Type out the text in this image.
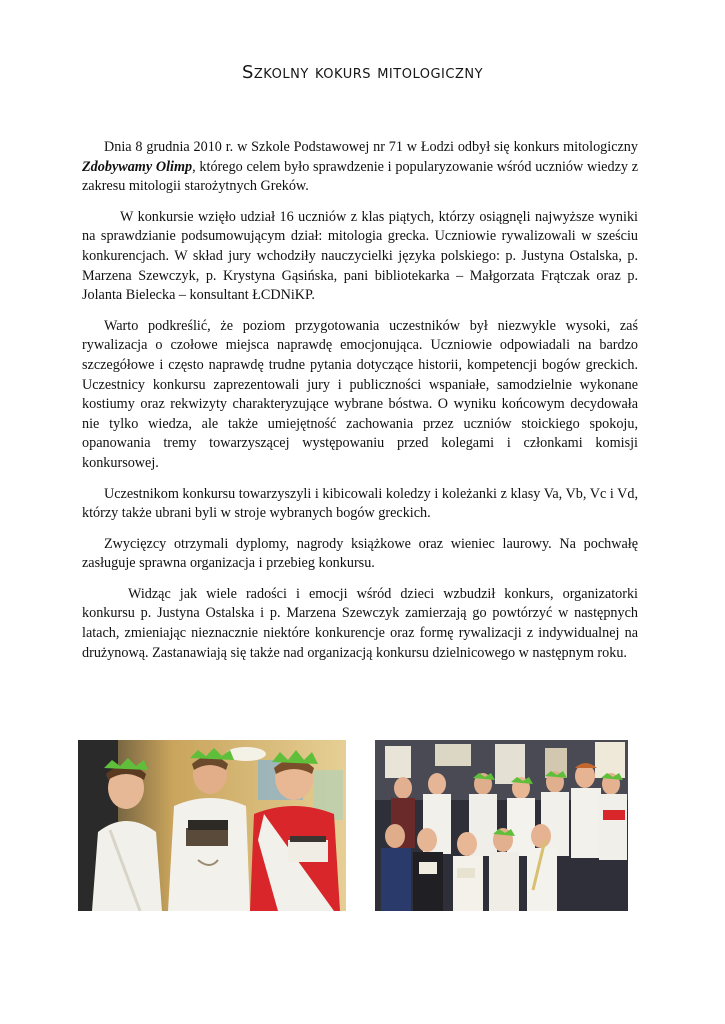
Szkolny kokurs mitologiczny

Dnia 8 grudnia 2010 r. w Szkole Podstawowej nr 71 w Łodzi odbył się konkurs mitologiczny Zdobywamy Olimp, którego celem było sprawdzenie i popularyzowanie wśród uczniów wiedzy z zakresu mitologii starożytnych Greków.

W konkursie wzięło udział 16 uczniów z klas piątych, którzy osiągnęli najwyższe wyniki na sprawdzianie podsumowującym dział: mitologia grecka. Uczniowie rywalizowali w sześciu konkurencjach. W skład jury wchodziły nauczycielki języka polskiego: p. Justyna Ostalska, p. Marzena Szewczyk, p. Krystyna Gąsińska, pani bibliotekarka – Małgorzata Frątczak oraz p. Jolanta Bielecka – konsultant ŁCDNiKP.

Warto podkreślić, że poziom przygotowania uczestników był niezwykle wysoki, zaś rywalizacja o czołowe miejsca naprawdę emocjonująca. Uczniowie odpowiadali na bardzo szczegółowe i często naprawdę trudne pytania dotyczące historii, kompetencji bogów greckich. Uczestnicy konkursu zaprezentowali jury i publiczności wspaniałe, samodzielnie wykonane kostiumy oraz rekwizyty charakteryzujące wybrane bóstwa. O wyniku końcowym decydowała nie tylko wiedza, ale także umiejętność zachowania przez uczniów stoickiego spokoju, opanowania tremy towarzyszącej występowaniu przed kolegami i członkami komisji konkursowej.

Uczestnikom konkursu towarzyszyli i kibicowali koledzy i koleżanki z klasy Va, Vb, Vc i Vd, którzy także ubrani byli w stroje wybranych bogów greckich.

Zwycięzcy otrzymali dyplomy, nagrody książkowe oraz wieniec laurowy. Na pochwałę zasługuje sprawna organizacja i przebieg konkursu.

Widząc jak wiele radości i emocji wśród dzieci wzbudził konkurs, organizatorki konkursu p. Justyna Ostalska i p. Marzena Szewczyk zamierzają go powtórzyć w następnych latach, zmieniając nieznacznie niektóre konkurencje oraz formę rywalizacji z indywidualnej na drużynową. Zastanawiają się także nad organizacją konkursu dzielnicowego w następnym roku.
